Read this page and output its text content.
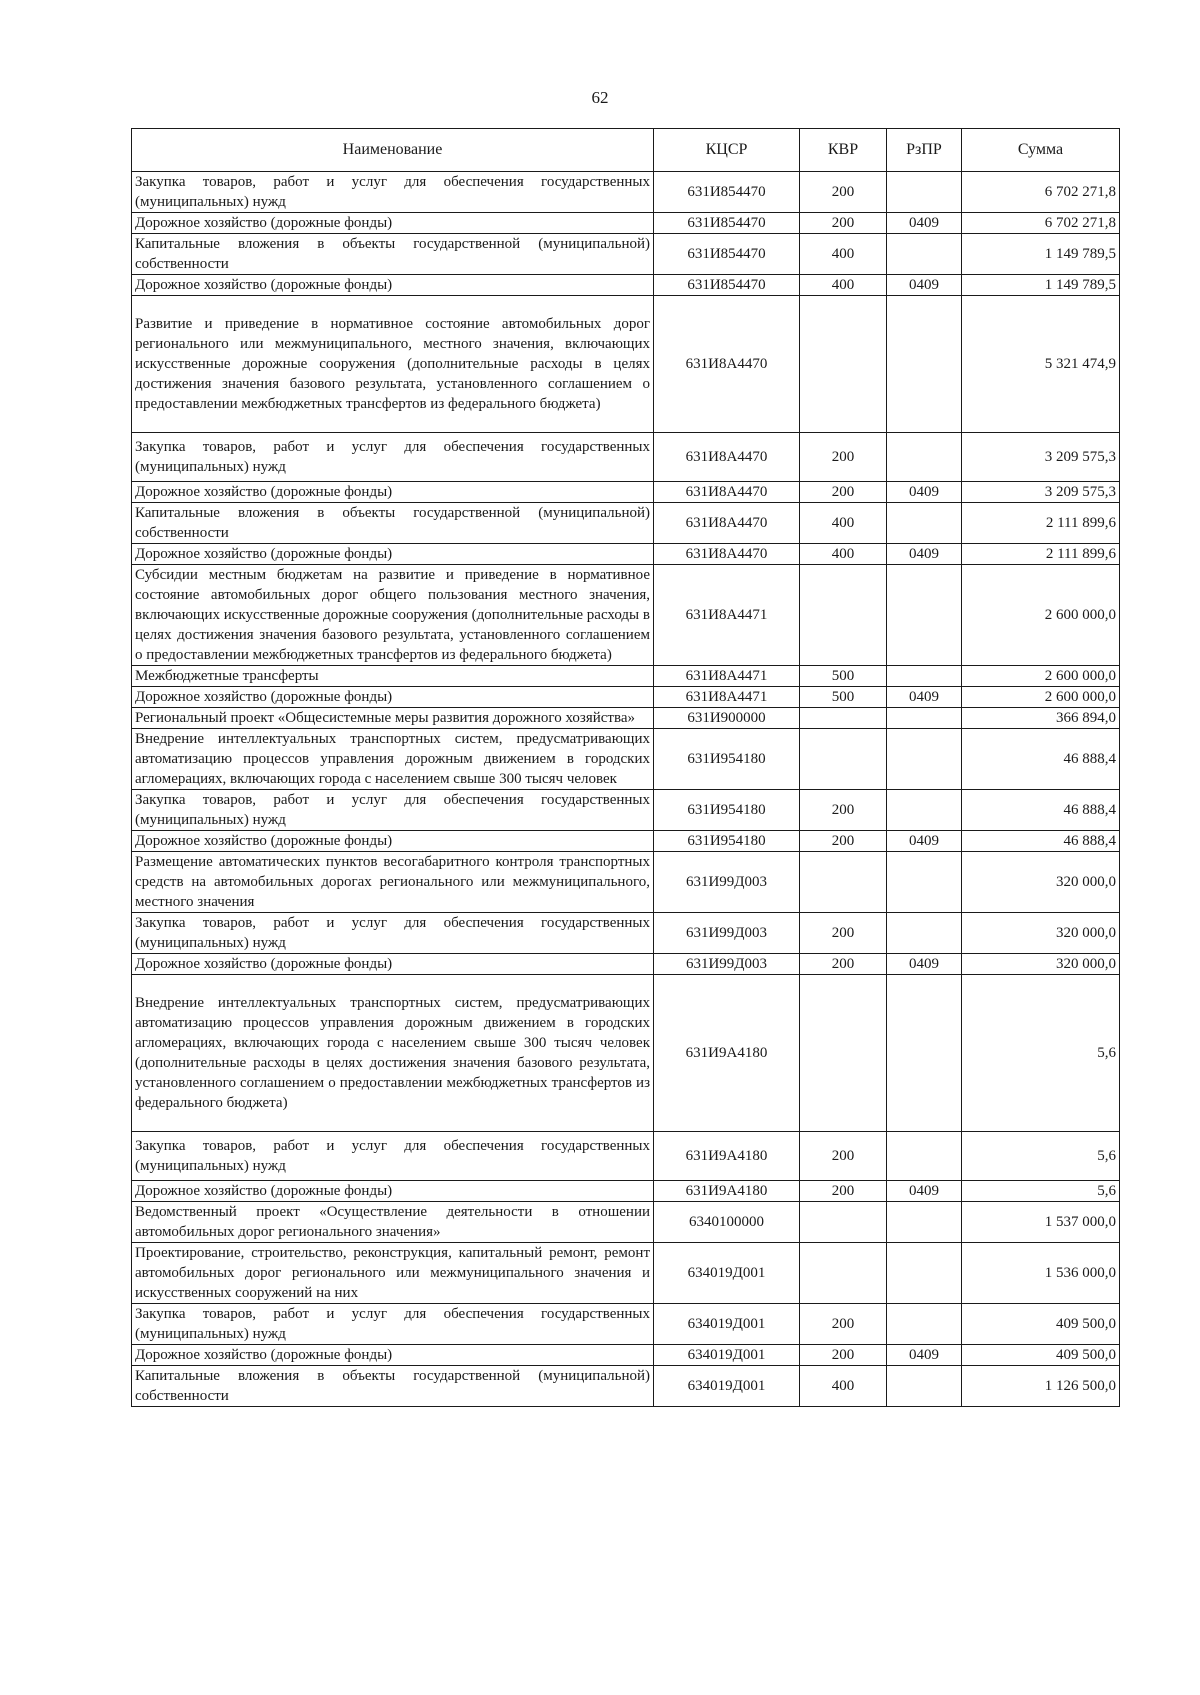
62
Наименование	КЦСР	КВР	РзПР	Сумма
Закупка товаров, работ и услуг для обеспечения государственных (муниципальных) нужд	631И854470	200		6 702 271,8
Дорожное хозяйство (дорожные фонды)	631И854470	200	0409	6 702 271,8
Капитальные вложения в объекты государственной (муниципальной) собственности	631И854470	400		1 149 789,5
Дорожное хозяйство (дорожные фонды)	631И854470	400	0409	1 149 789,5
Развитие и приведение в нормативное состояние автомобильных дорог регионального или межмуниципального, местного значения, включающих искусственные дорожные сооружения (дополнительные расходы в целях достижения значения базового результата, установленного соглашением о предоставлении межбюджетных трансфертов из федерального бюджета)	631И8А4470			5 321 474,9
Закупка товаров, работ и услуг для обеспечения государственных (муниципальных) нужд	631И8А4470	200		3 209 575,3
Дорожное хозяйство (дорожные фонды)	631И8А4470	200	0409	3 209 575,3
Капитальные вложения в объекты государственной (муниципальной) собственности	631И8А4470	400		2 111 899,6
Дорожное хозяйство (дорожные фонды)	631И8А4470	400	0409	2 111 899,6
Субсидии местным бюджетам на развитие и приведение в нормативное состояние автомобильных дорог общего пользования местного значения, включающих искусственные дорожные сооружения (дополнительные расходы в целях достижения значения базового результата, установленного соглашением о предоставлении межбюджетных трансфертов из федерального бюджета)	631И8А4471			2 600 000,0
Межбюджетные трансферты	631И8А4471	500		2 600 000,0
Дорожное хозяйство (дорожные фонды)	631И8А4471	500	0409	2 600 000,0
Региональный проект «Общесистемные меры развития дорожного хозяйства»	631И900000			366 894,0
Внедрение интеллектуальных транспортных систем, предусматривающих автоматизацию процессов управления дорожным движением в городских агломерациях, включающих города с населением свыше 300 тысяч человек	631И954180			46 888,4
Закупка товаров, работ и услуг для обеспечения государственных (муниципальных) нужд	631И954180	200		46 888,4
Дорожное хозяйство (дорожные фонды)	631И954180	200	0409	46 888,4
Размещение автоматических пунктов весогабаритного контроля транспортных средств на автомобильных дорогах регионального или межмуниципального, местного значения	631И99Д003			320 000,0
Закупка товаров, работ и услуг для обеспечения государственных (муниципальных) нужд	631И99Д003	200		320 000,0
Дорожное хозяйство (дорожные фонды)	631И99Д003	200	0409	320 000,0
Внедрение интеллектуальных транспортных систем, предусматривающих автоматизацию процессов управления дорожным движением в городских агломерациях, включающих города с населением свыше 300 тысяч человек (дополнительные расходы в целях достижения значения базового результата, установленного соглашением о предоставлении межбюджетных трансфертов из федерального бюджета)	631И9А4180			5,6
Закупка товаров, работ и услуг для обеспечения государственных (муниципальных) нужд	631И9А4180	200		5,6
Дорожное хозяйство (дорожные фонды)	631И9А4180	200	0409	5,6
Ведомственный проект «Осуществление деятельности в отношении автомобильных дорог регионального значения»	6340100000			1 537 000,0
Проектирование, строительство, реконструкция, капитальный ремонт, ремонт автомобильных дорог регионального или межмуниципального значения и искусственных сооружений на них	634019Д001			1 536 000,0
Закупка товаров, работ и услуг для обеспечения государственных (муниципальных) нужд	634019Д001	200		409 500,0
Дорожное хозяйство (дорожные фонды)	634019Д001	200	0409	409 500,0
Капитальные вложения в объекты государственной (муниципальной) собственности	634019Д001	400		1 126 500,0
